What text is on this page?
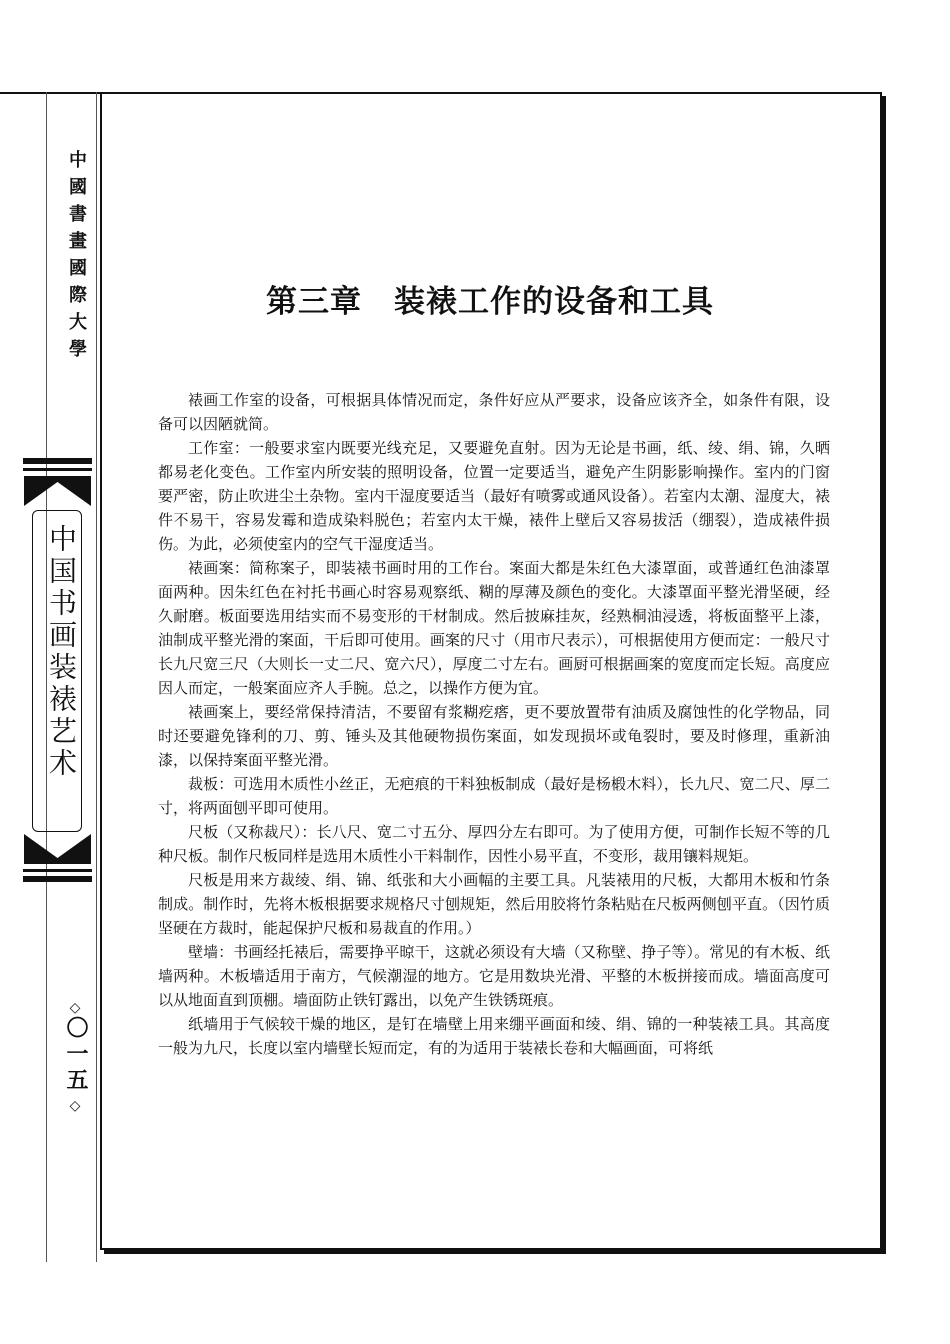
中國書畫國際大學
中国书画装裱艺术
◇
〇一五
◇
第三章 装裱工作的设备和工具

裱画工作室的设备，可根据具体情况而定，条件好应从严要求，设备应该齐全，如条件有限，设备可以因陋就简。

工作室：一般要求室内既要光线充足，又要避免直射。因为无论是书画，纸、绫、绢、锦，久晒都易老化变色。工作室内所安装的照明设备，位置一定要适当，避免产生阴影影响操作。室内的门窗要严密，防止吹进尘土杂物。室内干湿度要适当（最好有喷雾或通风设备）。若室内太潮、湿度大，裱件不易干，容易发霉和造成染料脱色；若室内太干燥，裱件上壁后又容易拔活（绷裂），造成裱件损伤。为此，必须使室内的空气干湿度适当。

裱画案：简称案子，即装裱书画时用的工作台。案面大都是朱红色大漆罩面，或普通红色油漆罩面两种。因朱红色在衬托书画心时容易观察纸、糊的厚薄及颜色的变化。大漆罩面平整光滑坚硬，经久耐磨。板面要选用结实而不易变形的干材制成。然后披麻挂灰，经熟桐油浸透，将板面整平上漆，油制成平整光滑的案面，干后即可使用。画案的尺寸（用市尺表示），可根据使用方便而定：一般尺寸长九尺宽三尺（大则长一丈二尺、宽六尺），厚度二寸左右。画厨可根据画案的宽度而定长短。高度应因人而定，一般案面应齐人手腕。总之，以操作方便为宜。

裱画案上，要经常保持清洁，不要留有浆糊疙瘩，更不要放置带有油质及腐蚀性的化学物品，同时还要避免锋利的刀、剪、锤头及其他硬物损伤案面，如发现损坏或龟裂时，要及时修理，重新油漆，以保持案面平整光滑。

裁板：可选用木质性小丝正，无疤痕的干料独板制成（最好是杨椴木料），长九尺、宽二尺、厚二寸，将两面刨平即可使用。

尺板（又称裁尺）：长八尺、宽二寸五分、厚四分左右即可。为了使用方便，可制作长短不等的几种尺板。制作尺板同样是选用木质性小干料制作，因性小易平直，不变形，裁用镶料规矩。

尺板是用来方裁绫、绢、锦、纸张和大小画幅的主要工具。凡装裱用的尺板，大都用木板和竹条制成。制作时，先将木板根据要求规格尺寸刨规矩，然后用胶将竹条粘贴在尺板两侧刨平直。（因竹质坚硬在方裁时，能起保护尺板和易裁直的作用。）

壁墙：书画经托裱后，需要挣平晾干，这就必须设有大墙（又称壁、挣子等）。常见的有木板、纸墙两种。木板墙适用于南方，气候潮湿的地方。它是用数块光滑、平整的木板拼接而成。墙面高度可以从地面直到顶棚。墙面防止铁钉露出，以免产生铁锈斑痕。

纸墙用于气候较干燥的地区，是钉在墙壁上用来绷平画面和绫、绢、锦的一种装裱工具。其高度一般为九尺，长度以室内墙壁长短而定，有的为适用于装裱长卷和大幅画面，可将纸
